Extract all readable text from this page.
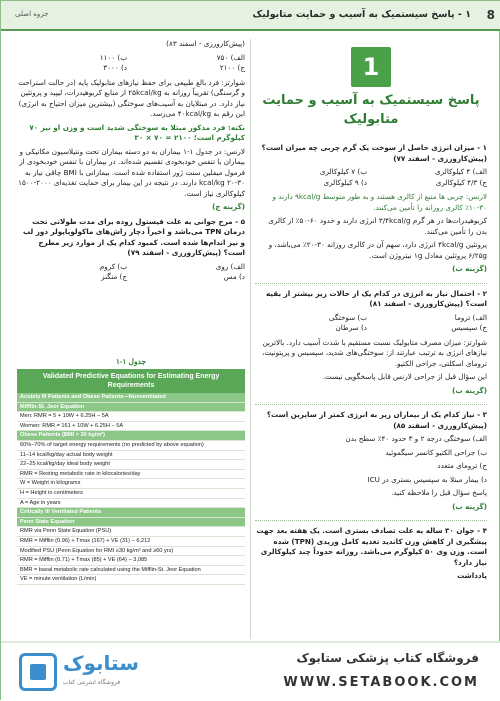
8
۱ - پاسخ سیستمیک به آسیب و حمایت متابولیک
جزوه اصلی
1
پاسخ سیستمیک به آسیب و حمایت متابولیک

۱ - میزان انرژی حاصل از سوخت یک گرم چربی چه میزان است؟ (پیش‌کارورزی - اسفند ۷۷)

الف) ۴ کیلوکالری
ب) ۷ کیلوکالری
ج) ۴/۳ کیلوکالری
د) ۹ کیلوکالری

لارنس: چربی ها منبع از کالری هستند و به طور متوسط ۹kcal/g دارند و ۳۰-۱۰٪ کالری روزانه را تأمین می‌کنند.

کربوهیدرات‌ها در هر گرم ۳/۴kcal/g انرژی دارند و حدود ۶۰-۵۰٪ از کالری بدن را تأمین می‌کنند.

پروتئین ۴kcal/g انرژی دارد، سهم آن در کالری روزانه ۳۰-۲۰٪ می‌باشد، و ۶/۲۵g پروتئین معادل ۱g نیتروژن است.

(گزینه ب)

۲ - احتمال نیاز به انرژی در کدام یک از حالات زیر بیشتر از بقیه است؟ (پیش‌کارورزی - اسفند ۸۱)

الف) تروما
ب) سوختگی
ج) سپسیس
د) سرطان

شوارتز: میزان مصرف متابولیک نسبت مستقیم با شدت آسیب دارد. بالاترین نیازهای انرژی به ترتیب عبارتند از: سوختگی‌های شدید، سپسیس و پریتونیت، ترومای اسکلتی، جراحی الکتیو.

این سؤال قبل از جراحی لارنس قابل پاسخگویی نیست.

(گزینه ب)

۳ - نیاز کدام یک از بیماران زیر به انرژی کمتر از سایرین است؟ (پیش‌کارورزی - اسفند ۸۵)

الف) سوختگی درجه ۲ و ۳ حدود ۴۰٪ سطح بدن

ب) جراحی الکتیو کانسر سیگموئید

ج) ترومای متعدد

د) بیمار مبتلا به سپسیس بستری در ICU

پاسخ سؤال قبل را ملاحظه کنید.

(گزینه ب)

۴ - جوان ۳۰ ساله به علت تصادف بستری است. یک هفته بعد جهت پیشگیری از کاهش وزن کاندید تغذیه کامل وریدی (TPN) شده است. وزن وی ۵۰ کیلوگرم می‌باشد. روزانه حدوداً چند کیلوکالری نیاز دارد؟

یادداشت

(پیش‌کارورزی - اسفند ۸۳)

الف) ۷۵۰
ب) ۱۱۰۰
ج) ۲۱۰۰
د) ۳۰۰۰

شوارتز: فرد بالغ طبیعی برای حفظ نیازهای متابولیک پایه (در حالت استراحت و گرسنگی) تقریباً روزانه به ۲۵kcal/kg از منابع کربوهیدرات، لیپید و پروتئین نیاز دارد. در مبتلایان به آسیب‌های سوختگی (بیشترین میزان احتیاج به انرژی) این رقم به ۴۰kcal/kg می‌رسد.

نکته: فرد مذکور مبتلا به سوختگی شدید است و وزن او نیز ۷۰ کیلوگرم است؛ ۲۱۰۰ = ۷۰ × ۳۰

لارنس: در جدول ۱-۱ بیماران به دو دسته بیماران تحت ونتیلاسیون مکانیکی و بیماران با تنفس خودبخودی تقسیم شده‌اند. در بیماران با تنفس خودبخودی از فرمول میفلین سنت ژور استفاده شده است. بیمارانی با BMI چاقی نیاز به ۳۰-۲۰ kcal/kg دارند. در نتیجه در این بیمار برای حمایت تغذیه‌ای ۲۰۰۰-۱۵۰۰ کیلوکالری نیاز است.

(گزینه ج)

۵ - مرح جوانی به علت فیستول روده برای مدت طولانی تحت درمان TPN می‌باشد و اخیراً دچار راش‌های ماکولوپاپولر دور لب و نیز اندام‌ها شده است. کمبود کدام یک از موارد زیر مطرح است؟ (پیش‌کارورزی - اسفند ۷۹)

الف) روی
ب) کروم
د) مس
ج) منگنز
جدول ۱-۱
Validated Predictive Equations for Estimating Energy Requirements
Acutely Ill Patients and Obese Patients—Nonventilated
Mifflin-St. Jeor Equation
Men: RMR = 5 + 10W + 6.25H − 5A
Women: RMR = 161 + 10W + 6.25H − 5A
Obese Patients (BMI > 30 kg/m²)
60%–70% of target energy requirements (no predicted by above equation)
11–14 kcal/kg/day actual body weight
22–25 kcal/kg/day ideal body weight
RMR = Resting metabolic rate in kilocalories/day
W = Weight in kilograms
H = Height in centimeters
A = Age in years
Critically Ill Ventilated Patients
Penn State Equation
RMR via Penn State Equation (PSU)
RMR = Mifflin (0.96) + Tmax (167) + VE (31) − 6,212
Modified PSU (Penn Equation for RMI ≥30 kg/m² and ≥60 yrs)
RMR = Mifflin (0.71) + Tmax (85) + VE (64) − 3,085
BMR = basal metabolic rate calculated using the Mifflin-St. Jeor Equation
VE = minute ventilation (L/min)
ستابوک
فروشگاه اینترنتی کتاب
فروشگاه کتاب پزشکی ستابوک
WWW.SETABOOK.COM
